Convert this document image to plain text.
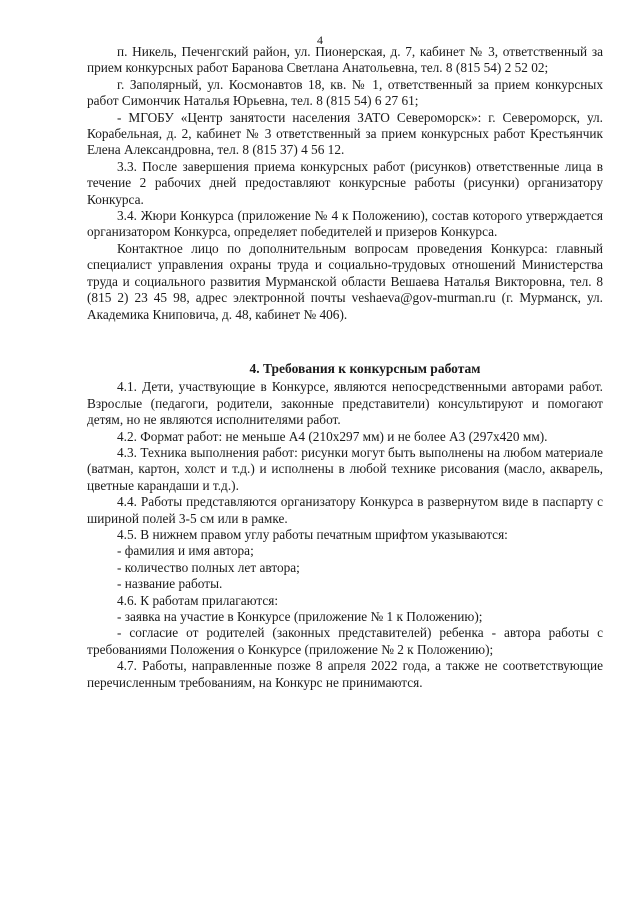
4

п. Никель, Печенгский район, ул. Пионерская, д. 7, кабинет № 3, ответственный за прием конкурсных работ Баранова Светлана Анатольевна, тел. 8 (815 54) 2 52 02;

г. Заполярный, ул. Космонавтов 18, кв. № 1, ответственный за прием конкурсных работ Симончик Наталья Юрьевна, тел. 8 (815 54) 6 27 61;

- МГОБУ «Центр занятости населения ЗАТО Североморск»: г. Североморск, ул. Корабельная, д. 2, кабинет № 3 ответственный за прием конкурсных работ Крестьянчик Елена Александровна, тел. 8 (815 37) 4 56 12.

3.3. После завершения приема конкурсных работ (рисунков) ответственные лица в течение 2 рабочих дней предоставляют конкурсные работы (рисунки) организатору Конкурса.

3.4. Жюри Конкурса (приложение № 4 к Положению), состав которого утверждается организатором Конкурса, определяет победителей и призеров Конкурса.

Контактное лицо по дополнительным вопросам проведения Конкурса: главный специалист управления охраны труда и социально-трудовых отношений Министерства труда и социального развития Мурманской области Вешаева Наталья Викторовна, тел. 8 (815 2) 23 45 98, адрес электронной почты veshaeva@gov-murman.ru (г. Мурманск, ул. Академика Книповича, д. 48, кабинет № 406).

4. Требования к конкурсным работам

4.1. Дети, участвующие в Конкурсе, являются непосредственными авторами работ. Взрослые (педагоги, родители, законные представители) консультируют и помогают детям, но не являются исполнителями работ.

4.2. Формат работ: не меньше А4 (210х297 мм) и не более А3 (297х420 мм).

4.3. Техника выполнения работ: рисунки могут быть выполнены на любом материале (ватман, картон, холст и т.д.) и исполнены в любой технике рисования (масло, акварель, цветные карандаши и т.д.).

4.4. Работы представляются организатору Конкурса в развернутом виде в паспарту с шириной полей 3-5 см или в рамке.

4.5. В нижнем правом углу работы печатным шрифтом указываются:

- фамилия и имя автора;

- количество полных лет автора;

- название работы.

4.6. К работам прилагаются:

- заявка на участие в Конкурсе (приложение № 1 к Положению);

- согласие от родителей (законных представителей) ребенка - автора работы с требованиями Положения о Конкурсе (приложение № 2 к Положению);

4.7. Работы, направленные позже 8 апреля 2022 года, а также не соответствующие перечисленным требованиям, на Конкурс не принимаются.
